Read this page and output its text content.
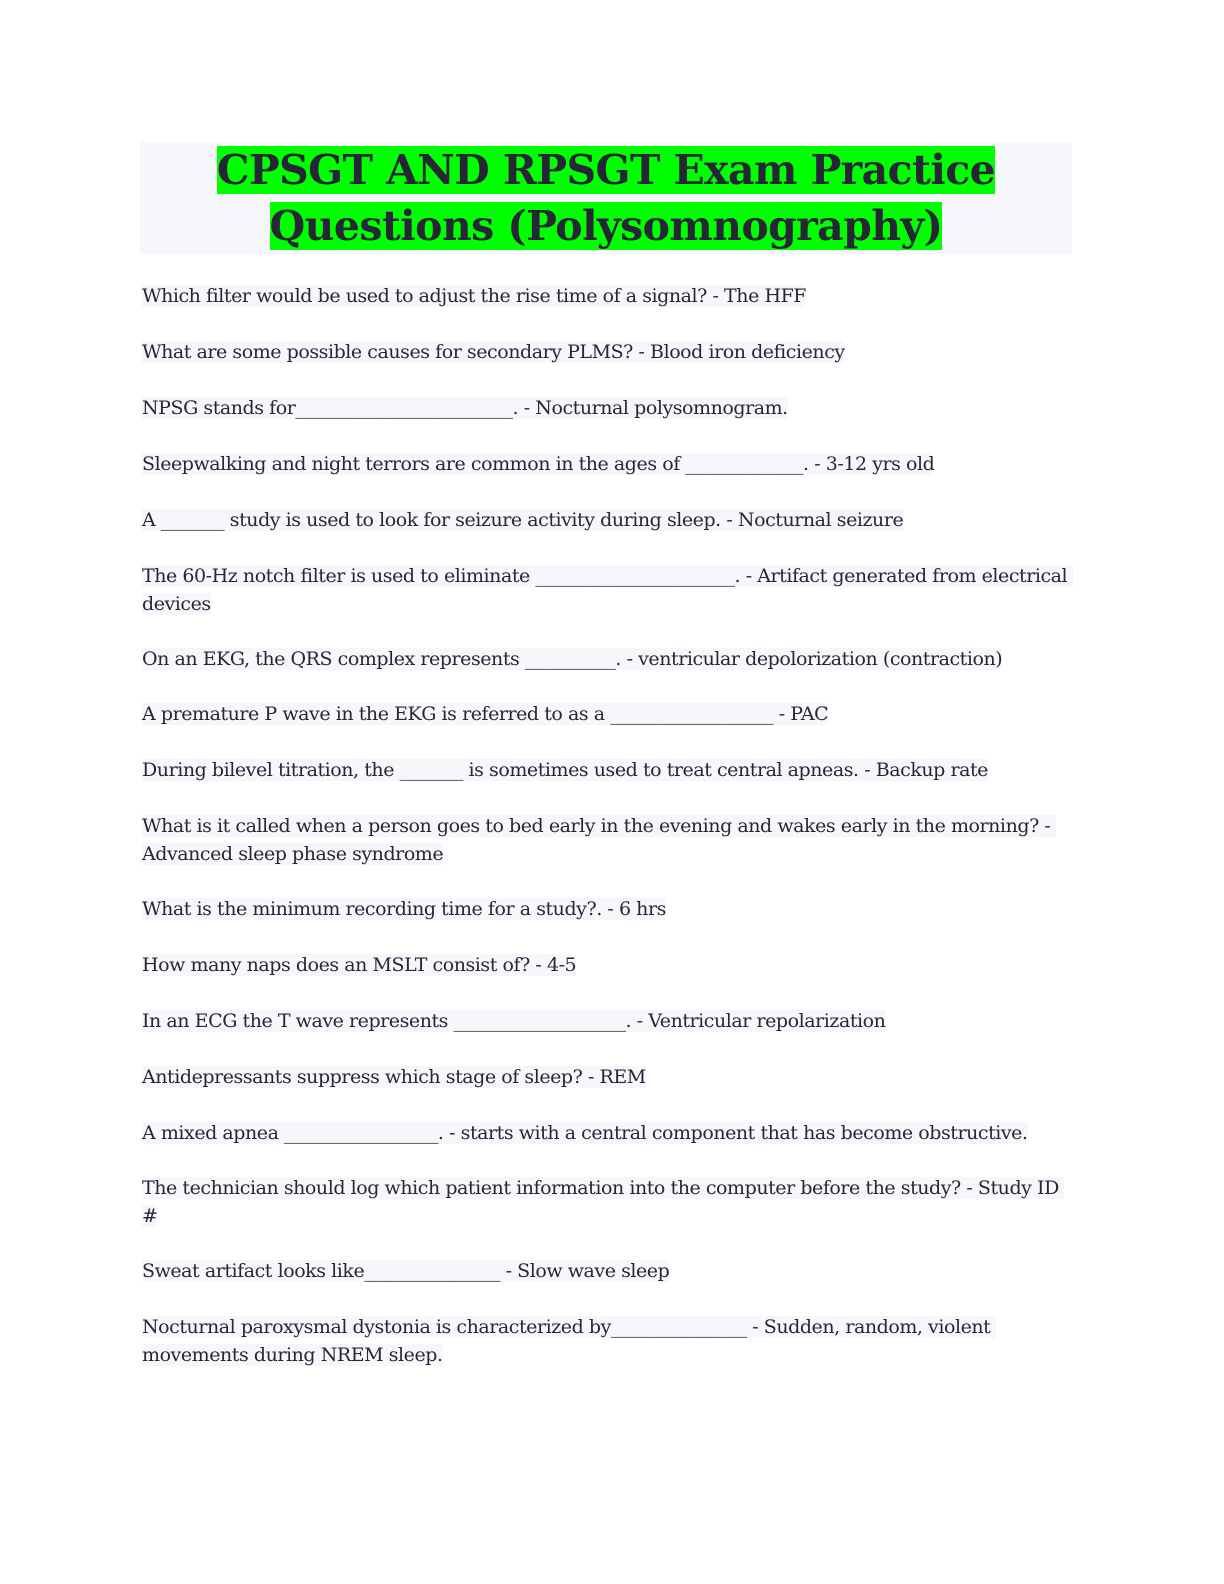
CPSGT AND RPSGT Exam Practice Questions (Polysomnography)
Which filter would be used to adjust the rise time of a signal? - The HFF
What are some possible causes for secondary PLMS? - Blood iron deficiency
NPSG stands for________________________. - Nocturnal polysomnogram.
Sleepwalking and night terrors are common in the ages of _____________. - 3-12 yrs old
A _______ study is used to look for seizure activity during sleep. - Nocturnal seizure
The 60-Hz notch filter is used to eliminate ______________________. - Artifact generated from electrical devices
On an EKG, the QRS complex represents __________. - ventricular depolorization (contraction)
A premature P wave in the EKG is referred to as a __________________ - PAC
During bilevel titration, the _______ is sometimes used to treat central apneas. - Backup rate
What is it called when a person goes to bed early in the evening and wakes early in the morning? - Advanced sleep phase syndrome
What is the minimum recording time for a study?. - 6 hrs
How many naps does an MSLT consist of? - 4-5
In an ECG the T wave represents ___________________. - Ventricular repolarization
Antidepressants suppress which stage of sleep? - REM
A mixed apnea _________________. - starts with a central component that has become obstructive.
The technician should log which patient information into the computer before the study? - Study ID #
Sweat artifact looks like_______________ - Slow wave sleep
Nocturnal paroxysmal dystonia is characterized by_______________ - Sudden, random, violent movements during NREM sleep.
